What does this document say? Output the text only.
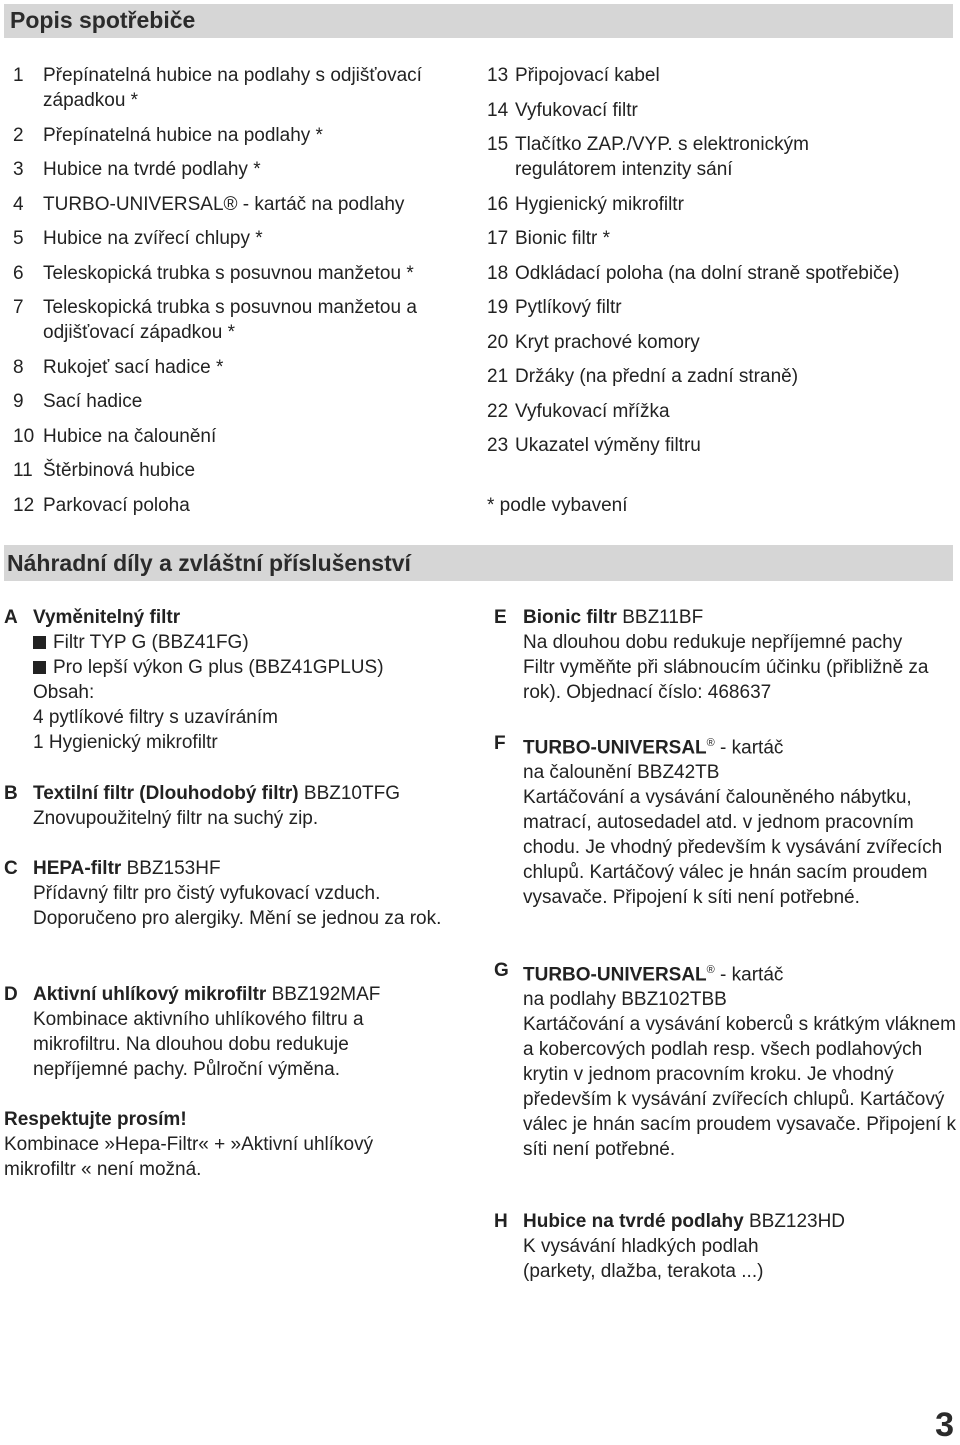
Popis spotřebiče
1	Přepínatelná hubice na podlahy s odjišťovací západkou *
2	Přepínatelná hubice na podlahy *
3	Hubice na tvrdé podlahy *
4	TURBO-UNIVERSAL® - kartáč na podlahy
5	Hubice na zvířecí chlupy *
6	Teleskopická trubka s posuvnou manžetou *
7	Teleskopická trubka s posuvnou manžetou a odjišťovací západkou *
8	Rukojeť sací hadice *
9	Sací hadice
10 Hubice na čalounění
11 Štěrbinová hubice
12 Parkovací poloha
13 Připojovací kabel
14 Vyfukovací filtr
15 Tlačítko ZAP./VYP. s elektronickým regulátorem intenzity sání
16 Hygienický mikrofiltr
17 Bionic filtr *
18 Odkládací poloha (na dolní straně spotřebiče)
19 Pytlíkový filtr
20 Kryt prachové komory
21 Držáky (na přední a zadní straně)
22 Vyfukovací mřížka
23 Ukazatel výměny filtru
* podle vybavení
Náhradní díly a zvláštní příslušenství
A Vyměnitelný filtr
Filtr TYP G (BBZ41FG)
Pro lepší výkon G plus (BBZ41GPLUS)
Obsah:
4 pytlíkové filtry s uzavíráním
1 Hygienický mikrofiltr
B Textilní filtr (Dlouhodobý filtr) BBZ10TFG
Znovupoužitelný filtr na suchý zip.
C HEPA-filtr BBZ153HF
Přídavný filtr pro čistý vyfukovací vzduch.
Doporučeno pro alergiky. Mění se jednou za rok.
D Aktivní uhlíkový mikrofiltr BBZ192MAF
Kombinace aktivního uhlíkového filtru a mikrofiltru. Na dlouhou dobu redukuje nepříjemné pachy. Půlroční výměna.
Respektujte prosím!
Kombinace »Hepa-Filtr« + »Aktivní uhlíkový mikrofiltr « není možná.
E Bionic filtr BBZ11BF
Na dlouhou dobu redukuje nepříjemné pachy
Filtr vyměňte při slábnoucím účinku (přibližně za rok). Objednací číslo: 468637
F TURBO-UNIVERSAL® - kartáč
na čalounění BBZ42TB
Kartáčování a vysávání čalouněného nábytku, matrací, autosedadel atd. v jednom pracovním chodu. Je vhodný především k vysávání zvířecích chlupů. Kartáčový válec je hnán sacím proudem vysavače. Připojení k síti není potřebné.
G TURBO-UNIVERSAL® - kartáč
na podlahy BBZ102TBB
Kartáčování a vysávání koberců s krátkým vláknem a kobercových podlah resp. všech podlahových krytin v jednom pracovním kroku. Je vhodný především k vysávání zvířecích chlupů. Kartáčový válec je hnán sacím proudem vysavače. Připojení k síti není potřebné.
H Hubice na tvrdé podlahy BBZ123HD
K vysávání hladkých podlah
(parkety, dlažba, terakota ...)
3
